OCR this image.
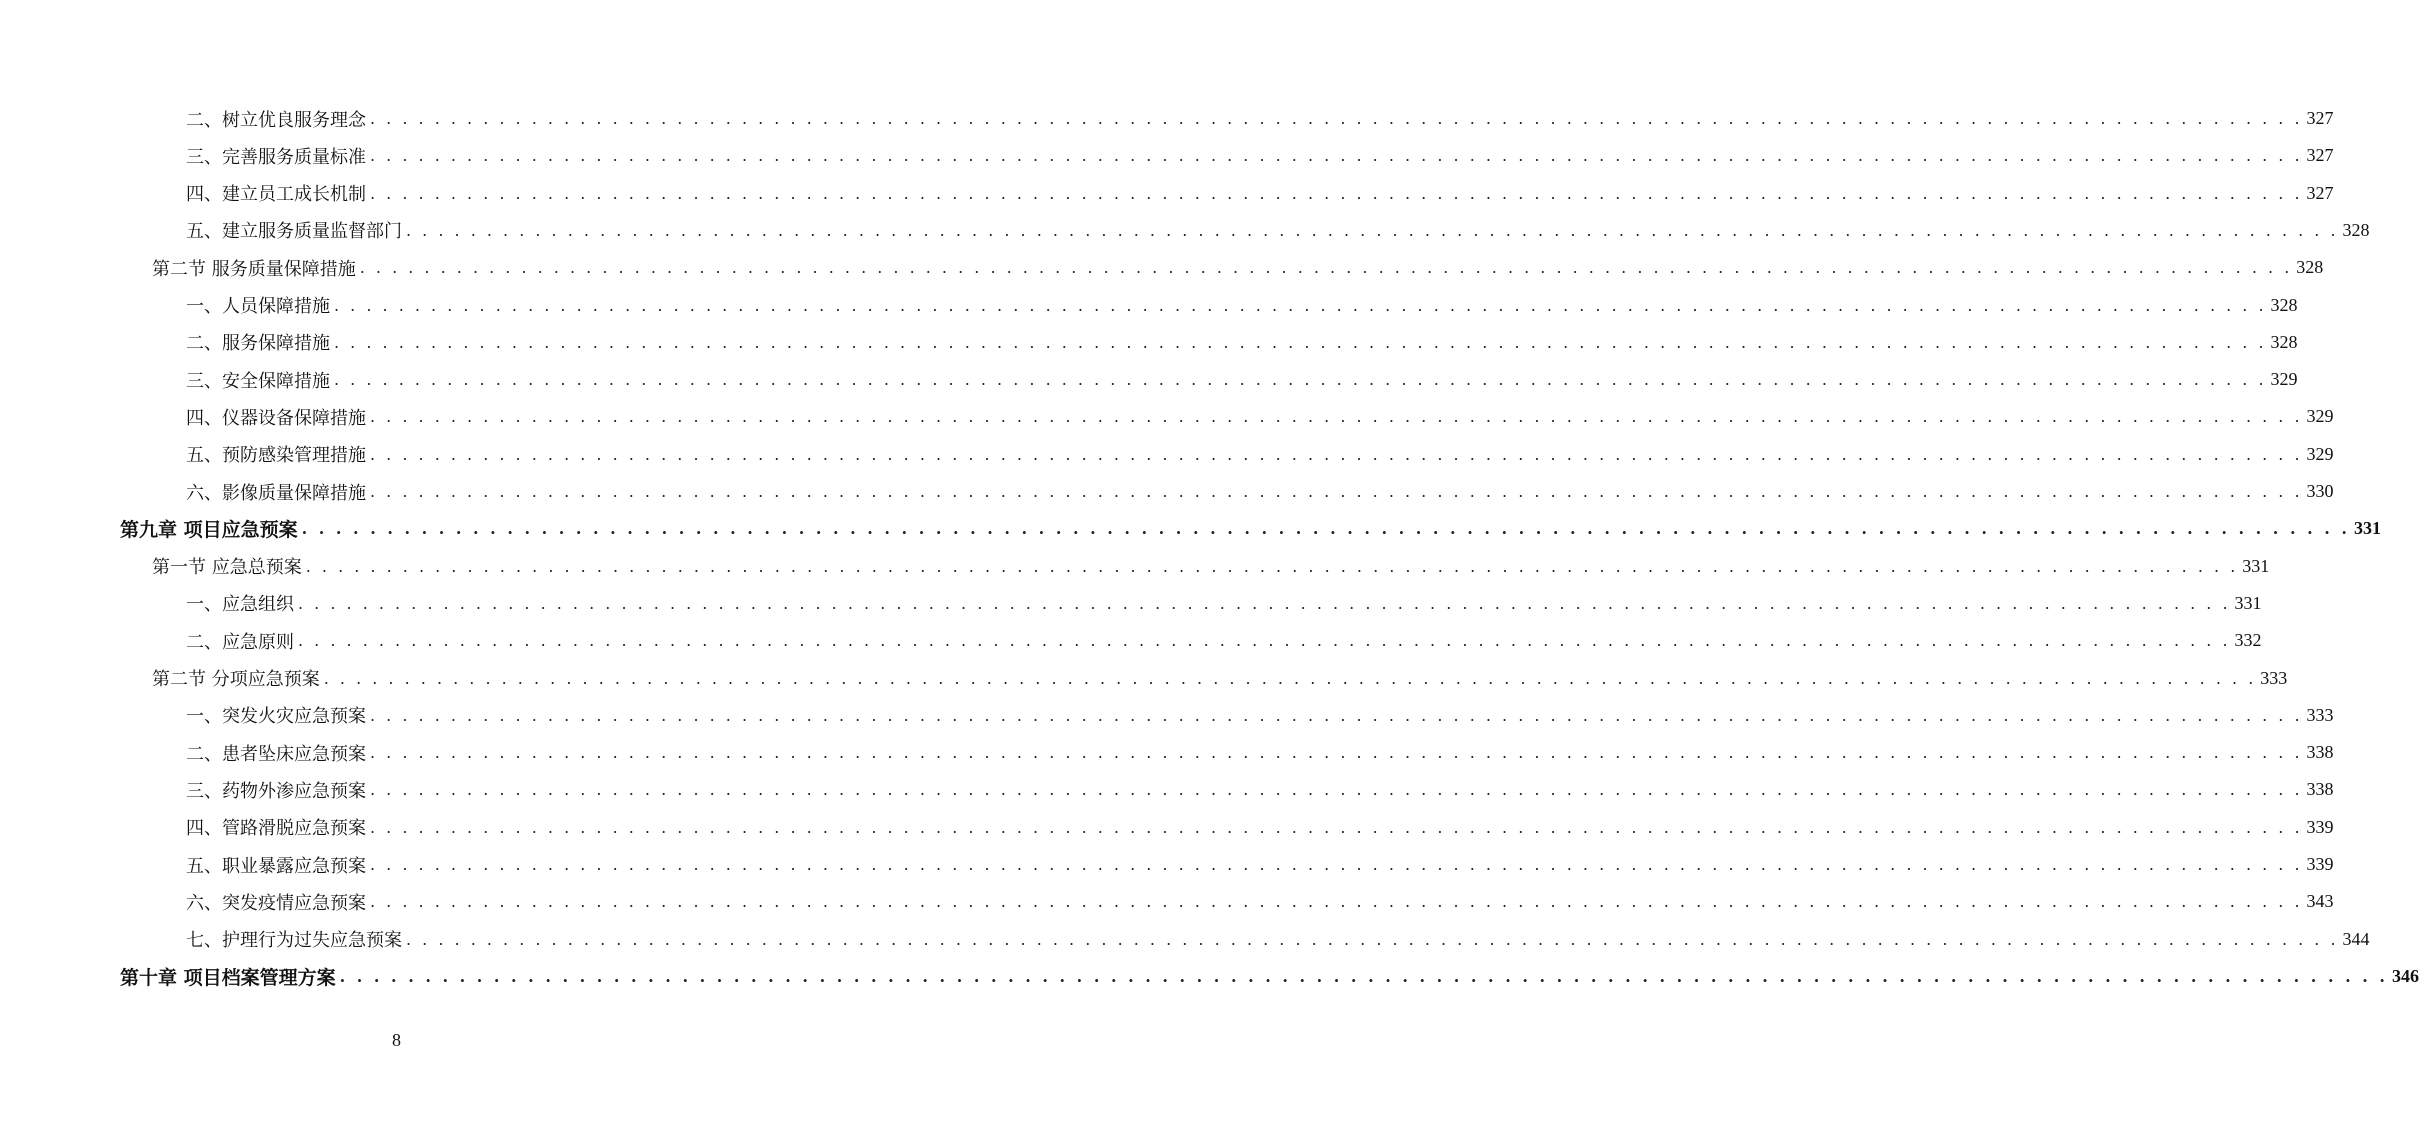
二、树立优良服务理念 . . . . . . . . . . . . . . . . . . . . . . . . . . . . . . . . . . . . . . . . . . . . . . . . . . . . . . . . . . . . . . . . . . . . . . . . . . . . . . . . . . . . . . . . . . . . . . . . . . . . . . . . . . . . . . . . . . . . . . . . 327
三、完善服务质量标准 . . . . . . . . . . . . . . . . . . . . . . . . . . . . . . . . . . . . . . . . . . . . . . . . . . . . . . . . . . . . . . . . . . . . . . . . . . . . . . . . . . . . . . . . . . . . . . . . . . . . . . . . . . . . . . . . . . . . . . . . 327
四、建立员工成长机制 . . . . . . . . . . . . . . . . . . . . . . . . . . . . . . . . . . . . . . . . . . . . . . . . . . . . . . . . . . . . . . . . . . . . . . . . . . . . . . . . . . . . . . . . . . . . . . . . . . . . . . . . . . . . . . . . . . . . . . . . 327
五、建立服务质量监督部门 . . . . . . . . . . . . . . . . . . . . . . . . . . . . . . . . . . . . . . . . . . . . . . . . . . . . . . . . . . . . . . . . . . . . . . . . . . . . . . . . . . . . . . . . . . . . . . . . . . . . . . . . . . . . . . . . . . . . . . . . 328
第二节 服务质量保障措施 . . . . . . . . . . . . . . . . . . . . . . . . . . . . . . . . . . . . . . . . . . . . . . . . . . . . . . . . . . . . . . . . . . . . . . . . . . . . . . . . . . . . . . . . . . . . . . . . . . . . . . . . . . . . . . . . . . . . . . . . 328
一、人员保障措施 . . . . . . . . . . . . . . . . . . . . . . . . . . . . . . . . . . . . . . . . . . . . . . . . . . . . . . . . . . . . . . . . . . . . . . . . . . . . . . . . . . . . . . . . . . . . . . . . . . . . . . . . . . . . . . . . . . . . . . . . 328
二、服务保障措施 . . . . . . . . . . . . . . . . . . . . . . . . . . . . . . . . . . . . . . . . . . . . . . . . . . . . . . . . . . . . . . . . . . . . . . . . . . . . . . . . . . . . . . . . . . . . . . . . . . . . . . . . . . . . . . . . . . . . . . . . 328
三、安全保障措施 . . . . . . . . . . . . . . . . . . . . . . . . . . . . . . . . . . . . . . . . . . . . . . . . . . . . . . . . . . . . . . . . . . . . . . . . . . . . . . . . . . . . . . . . . . . . . . . . . . . . . . . . . . . . . . . . . . . . . . . . 329
四、仪器设备保障措施 . . . . . . . . . . . . . . . . . . . . . . . . . . . . . . . . . . . . . . . . . . . . . . . . . . . . . . . . . . . . . . . . . . . . . . . . . . . . . . . . . . . . . . . . . . . . . . . . . . . . . . . . . . . . . . . . . . . . . . . . 329
五、预防感染管理措施 . . . . . . . . . . . . . . . . . . . . . . . . . . . . . . . . . . . . . . . . . . . . . . . . . . . . . . . . . . . . . . . . . . . . . . . . . . . . . . . . . . . . . . . . . . . . . . . . . . . . . . . . . . . . . . . . . . . . . . . . 329
六、影像质量保障措施 . . . . . . . . . . . . . . . . . . . . . . . . . . . . . . . . . . . . . . . . . . . . . . . . . . . . . . . . . . . . . . . . . . . . . . . . . . . . . . . . . . . . . . . . . . . . . . . . . . . . . . . . . . . . . . . . . . . . . . . . 330
第九章 项目应急预案 . . . . . . . . . . . . . . . . . . . . . . . . . . . . . . . . . . . . . . . . . . . . . . . . . . . . . . . . . . . . . . . . . . . . . . . . . . . . . . . . . . . . . . . . . . . . . . . . . . . . . . . . . . . . . . . . . . . . . . . . 331
第一节 应急总预案 . . . . . . . . . . . . . . . . . . . . . . . . . . . . . . . . . . . . . . . . . . . . . . . . . . . . . . . . . . . . . . . . . . . . . . . . . . . . . . . . . . . . . . . . . . . . . . . . . . . . . . . . . . . . . . . . . . . . . . . . 331
一、应急组织 . . . . . . . . . . . . . . . . . . . . . . . . . . . . . . . . . . . . . . . . . . . . . . . . . . . . . . . . . . . . . . . . . . . . . . . . . . . . . . . . . . . . . . . . . . . . . . . . . . . . . . . . . . . . . . . . . . . . . . . . 331
二、应急原则 . . . . . . . . . . . . . . . . . . . . . . . . . . . . . . . . . . . . . . . . . . . . . . . . . . . . . . . . . . . . . . . . . . . . . . . . . . . . . . . . . . . . . . . . . . . . . . . . . . . . . . . . . . . . . . . . . . . . . . . . 332
第二节 分项应急预案 . . . . . . . . . . . . . . . . . . . . . . . . . . . . . . . . . . . . . . . . . . . . . . . . . . . . . . . . . . . . . . . . . . . . . . . . . . . . . . . . . . . . . . . . . . . . . . . . . . . . . . . . . . . . . . . . . . . . . . . . 333
一、突发火灾应急预案 . . . . . . . . . . . . . . . . . . . . . . . . . . . . . . . . . . . . . . . . . . . . . . . . . . . . . . . . . . . . . . . . . . . . . . . . . . . . . . . . . . . . . . . . . . . . . . . . . . . . . . . . . . . . . . . . . . . . . . . . 333
二、患者坠床应急预案 . . . . . . . . . . . . . . . . . . . . . . . . . . . . . . . . . . . . . . . . . . . . . . . . . . . . . . . . . . . . . . . . . . . . . . . . . . . . . . . . . . . . . . . . . . . . . . . . . . . . . . . . . . . . . . . . . . . . . . . . 338
三、药物外渗应急预案 . . . . . . . . . . . . . . . . . . . . . . . . . . . . . . . . . . . . . . . . . . . . . . . . . . . . . . . . . . . . . . . . . . . . . . . . . . . . . . . . . . . . . . . . . . . . . . . . . . . . . . . . . . . . . . . . . . . . . . . . 338
四、管路滑脱应急预案 . . . . . . . . . . . . . . . . . . . . . . . . . . . . . . . . . . . . . . . . . . . . . . . . . . . . . . . . . . . . . . . . . . . . . . . . . . . . . . . . . . . . . . . . . . . . . . . . . . . . . . . . . . . . . . . . . . . . . . . . 339
五、职业暴露应急预案 . . . . . . . . . . . . . . . . . . . . . . . . . . . . . . . . . . . . . . . . . . . . . . . . . . . . . . . . . . . . . . . . . . . . . . . . . . . . . . . . . . . . . . . . . . . . . . . . . . . . . . . . . . . . . . . . . . . . . . . . 339
六、突发疫情应急预案 . . . . . . . . . . . . . . . . . . . . . . . . . . . . . . . . . . . . . . . . . . . . . . . . . . . . . . . . . . . . . . . . . . . . . . . . . . . . . . . . . . . . . . . . . . . . . . . . . . . . . . . . . . . . . . . . . . . . . . . . 343
七、护理行为过失应急预案 . . . . . . . . . . . . . . . . . . . . . . . . . . . . . . . . . . . . . . . . . . . . . . . . . . . . . . . . . . . . . . . . . . . . . . . . . . . . . . . . . . . . . . . . . . . . . . . . . . . . . . . . . . . . . . . . . . . . . . . . 344
第十章 项目档案管理方案 . . . . . . . . . . . . . . . . . . . . . . . . . . . . . . . . . . . . . . . . . . . . . . . . . . . . . . . . . . . . . . . . . . . . . . . . . . . . . . . . . . . . . . . . . . . . . . . . . . . . . . . . . . . . . . . . . . . . . . . . 346
8
